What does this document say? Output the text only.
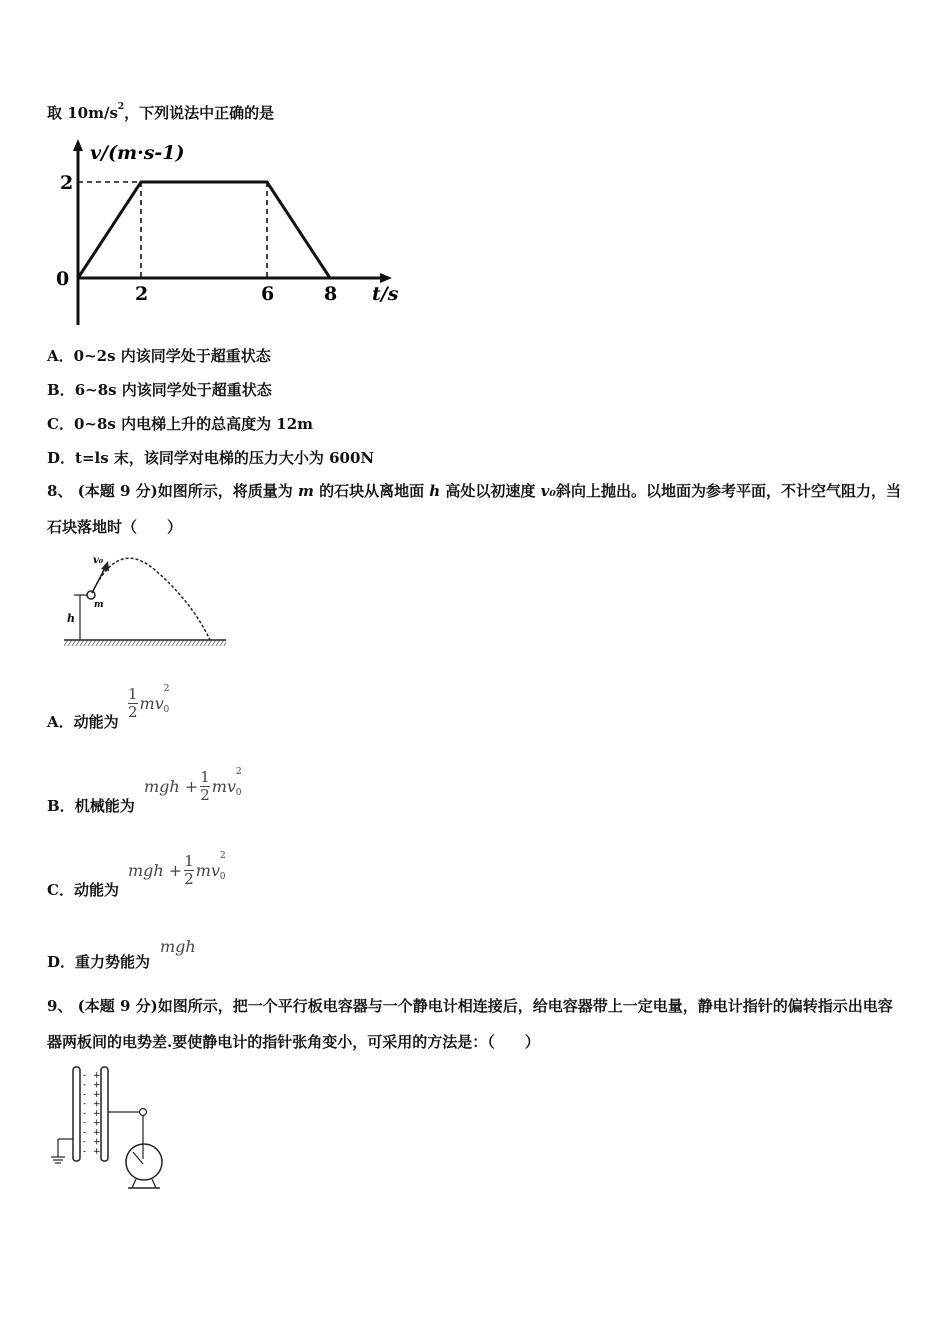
取 $10m/s^2$，下列说法中正确的是
v/(m·s-1)
t/s
0
2	6	8
2
A．0~2s 内该同学处于超重状态
B．6~8s 内该同学处于超重状态
C．0~8s 内电梯上升的总高度为 12m
D．t=ls 末，该同学对电梯的压力大小为 600N
8、 (本题 9 分)如图所示，将质量为 m 的石块从离地面 h 高处以初速度 v₀斜向上抛出。以地面为参考平面，不计空气阻力，当石块落地时（　　）
v₀
m
h
A．动能为
$\frac{1}{2} mv^2_0$
B．机械能为
mgh + $\frac{1}{2} mv^2_0$
C．动能为
mgh + $\frac{1}{2} mv^2_0$
D．重力势能为
mgh
9、 (本题 9 分)如图所示，把一个平行板电容器与一个静电计相连接后，给电容器带上一定电量，静电计指针的偏转指示出电容器两板间的电势差.要使静电计的指针张角变小，可采用的方法是：（　　）
- +
- +
- +
- +
- +
- +
- +
- +
- +
